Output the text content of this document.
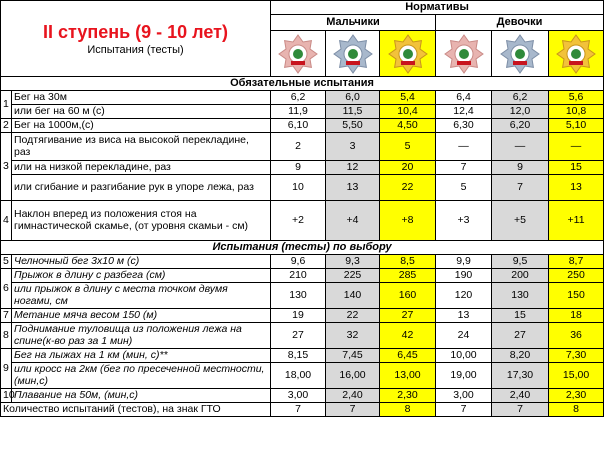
II ступень (9 - 10 лет)
Испытания (тесты)		Нормативы					
		Мальчики			Девочки		

Обязательные испытания							
1	Бег на 30м	6,2	6,0	5,4	6,4	6,2	5,6
	или бег на 60 м (с)	11,9	11,5	10,4	12,4	12,0	10,8
2	Бег на 1000м,(с)	6,10	5,50	4,50	6,30	6,20	5,10
3	Подтягивание из виса на высокой перекладине, раз	2	3	5	—	—	—
	или на низкой перекладине, раз	9	12	20	7	9	15
	или сгибание и разгибание рук в упоре лежа, раз	10	13	22	5	7	13
4	Наклон вперед из положения стоя на гимнастической скамье, (от уровня скамьи - см)	+2	+4	+8	+3	+5	+11
Испытания (тесты) по выбору							
5	Челночный бег 3х10 м (с)	9,6	9,3	8,5	9,9	9,5	8,7
6	Прыжок в длину с разбега (см)	210	225	285	190	200	250
	или прыжок в длину с места точком двумя ногами, см	130	140	160	120	130	150
7	Метание мяча весом 150 (м)	19	22	27	13	15	18
8	Поднимание туловища из положения лежа на спине(к-во раз за 1 мин)	27	32	42	24	27	36
9	Бег на лыжах на 1 км (мин, с)**	8,15	7,45	6,45	10,00	8,20	7,30
	или кросс на 2км (бег по пресеченной местности, (мин,с)	18,00	16,00	13,00	19,00	17,30	15,00
10	Плавание на 50м, (мин,с)	3,00	2,40	2,30	3,00	2,40	2,30
Количество испытаний (тестов), на знак ГТО		7	7	8	7	7	8
